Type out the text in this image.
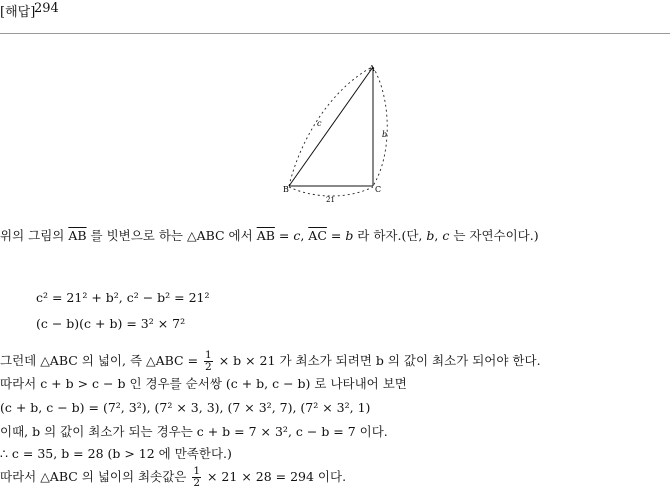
[해답]
294
A
B	C
c
b
21
위의 그림의 $\overline{AB}$ 를 빗변으로 하는 △ABC 에서 $\overline{AB} = c$, $\overline{AC} = b$ 라 하자.(단, b, c 는 자연수이다.)
c² = 21² + b², c² − b² = 21²
(c − b)(c + b) = 3² × 7²
그런데 △ABC 의 넓이, 즉 △ABC = $\frac{1}{2} \times b \times 21$ 가 최소가 되려면 b 의 값이 최소가 되어야 한다.
따라서 c + b > c − b 인 경우를 순서쌍 (c + b, c − b) 로 나타내어 보면
(c + b, c − b) = (7², 3²), (7² × 3, 3), (7 × 3², 7), (7² × 3², 1)
이때, b 의 값이 최소가 되는 경우는 c + b = 7 × 3², c − b = 7 이다.
∴ c = 35, b = 28 (b > 12 에 만족한다.)
따라서 △ABC 의 넓이의 최솟값은 $\frac{1}{2} \times 21 \times 28 = 294$ 이다.
